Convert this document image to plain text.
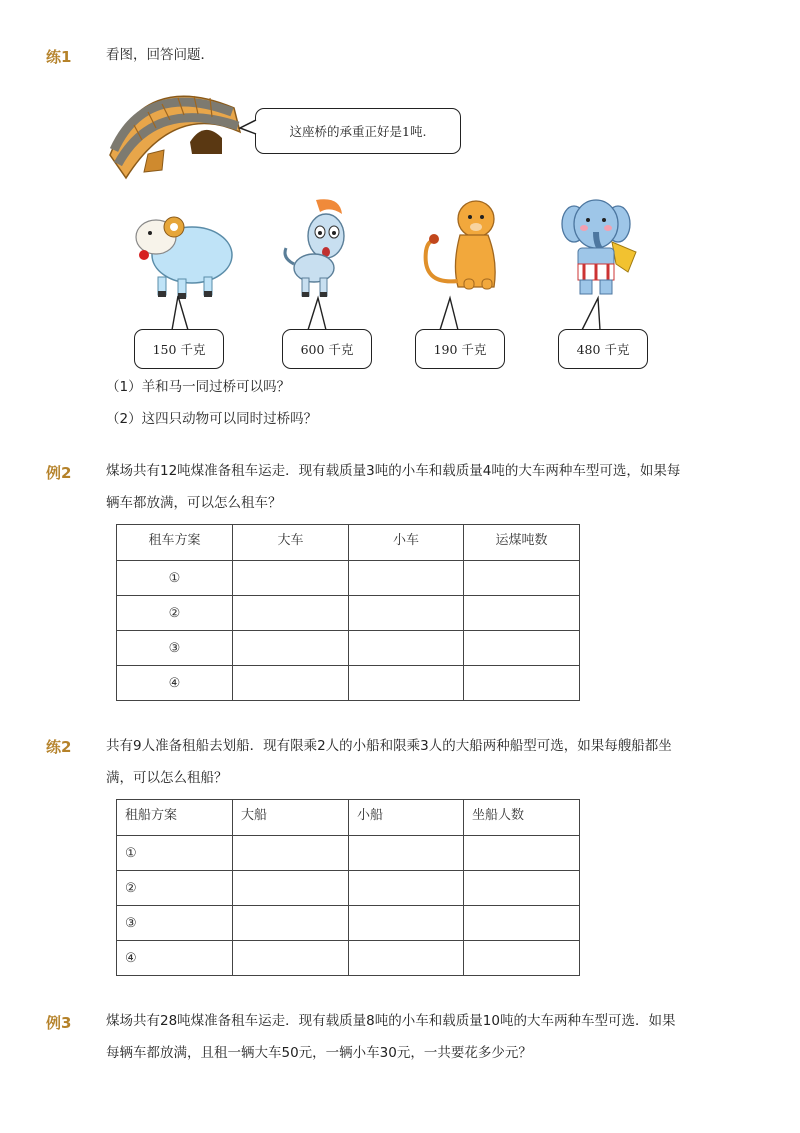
练1	看图，回答问题．
这座桥的承重正好是1吨.
150 千克	600 千克	190 千克	480 千克
（1）羊和马一同过桥可以吗？
（2）这四只动物可以同时过桥吗？
例2	煤场共有12吨煤准备租车运走．现有载质量3吨的小车和载质量4吨的大车两种车型可选，如果每
辆车都放满，可以怎么租车？
租车方案	大车	小车	运煤吨数
①			
②			
③			
④			
练2	共有9人准备租船去划船．现有限乘2人的小船和限乘3人的大船两种船型可选，如果每艘船都坐
满，可以怎么租船？
租船方案	大船	小船	坐船人数
①			
②			
③			
④			
例3	煤场共有28吨煤准备租车运走．现有载质量8吨的小车和载质量10吨的大车两种车型可选．如果
每辆车都放满，且租一辆大车50元，一辆小车30元，一共要花多少元？
